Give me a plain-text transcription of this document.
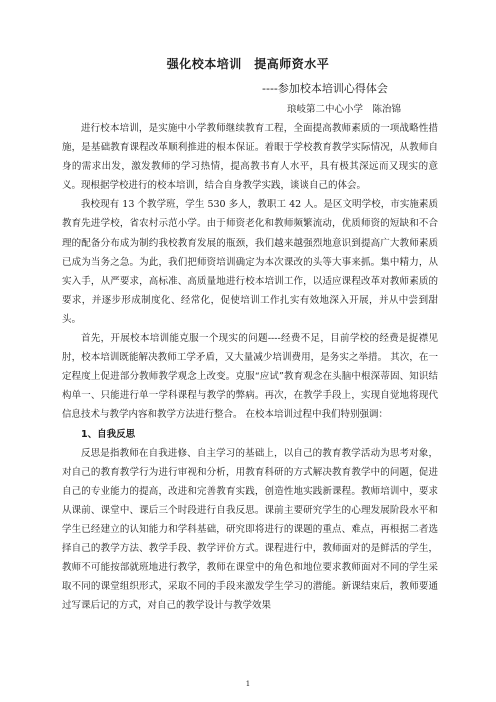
强化校本培训　提高师资水平
----参加校本培训心得体会
琅岐第二中心小学　陈治锦

进行校本培训，是实施中小学教师继续教育工程，全面提高教师素质的一项战略性措施，是基础教育课程改革顺利推进的根本保证。着眼于学校教育教学实际情况，从教师自身的需求出发，激发教师的学习热情，提高教书育人水平，具有极其深远而又现实的意义。现根据学校进行的校本培训，结合自身教学实践，谈谈自己的体会。

我校现有 13 个教学班，学生 530 多人，教职工 42 人。是区文明学校，市实施素质教育先进学校，省农村示范小学。由于师资老化和教师频繁流动，优质师资的短缺和不合理的配备分布成为制约我校教育发展的瓶颈，我们越来越强烈地意识到提高广大教师素质已成为当务之急。为此，我们把师资培训确定为本次课改的头等大事来抓。集中精力，从实入手，从严要求，高标准、高质量地进行校本培训工作，以适应课程改革对教师素质的要求，并逐步形成制度化、经常化，促使培训工作扎实有效地深入开展，并从中尝到甜头。

首先，开展校本培训能克服一个现实的问题----经费不足，目前学校的经费是捉襟见肘，校本培训既能解决教师工学矛盾，又大量减少培训费用，是务实之举措。 其次，在一定程度上促进部分教师教学观念上改变。克服“应试”教育观念在头脑中根深蒂固、知识结构单一、只能进行单一学科课程与教学的弊病。再次，在教学手段上，实现自觉地将现代信息技术与教学内容和教学方法进行整合。 在校本培训过程中我们特别强调：

1、自我反思

反思是指教师在自我进修、自主学习的基础上，以自己的教育教学活动为思考对象，对自己的教育教学行为进行审视和分析，用教育科研的方式解决教育教学中的问题，促进自己的专业能力的提高，改进和完善教育实践，创造性地实践新课程。教师培训中，要求从课前、课堂中、课后三个时段进行自我反思。课前主要研究学生的心理发展阶段水平和学生已经建立的认知能力和学科基础，研究即将进行的课题的重点、难点，再根据二者选择自己的教学方法、教学手段、教学评价方式。课程进行中，教师面对的是鲜活的学生，教师不可能按部就班地进行教学，教师在课堂中的角色和地位要求教师面对不同的学生采取不同的课堂组织形式，采取不同的手段来激发学生学习的潜能。新课结束后，教师要通过写课后记的方式，对自己的教学设计与教学效果

1
